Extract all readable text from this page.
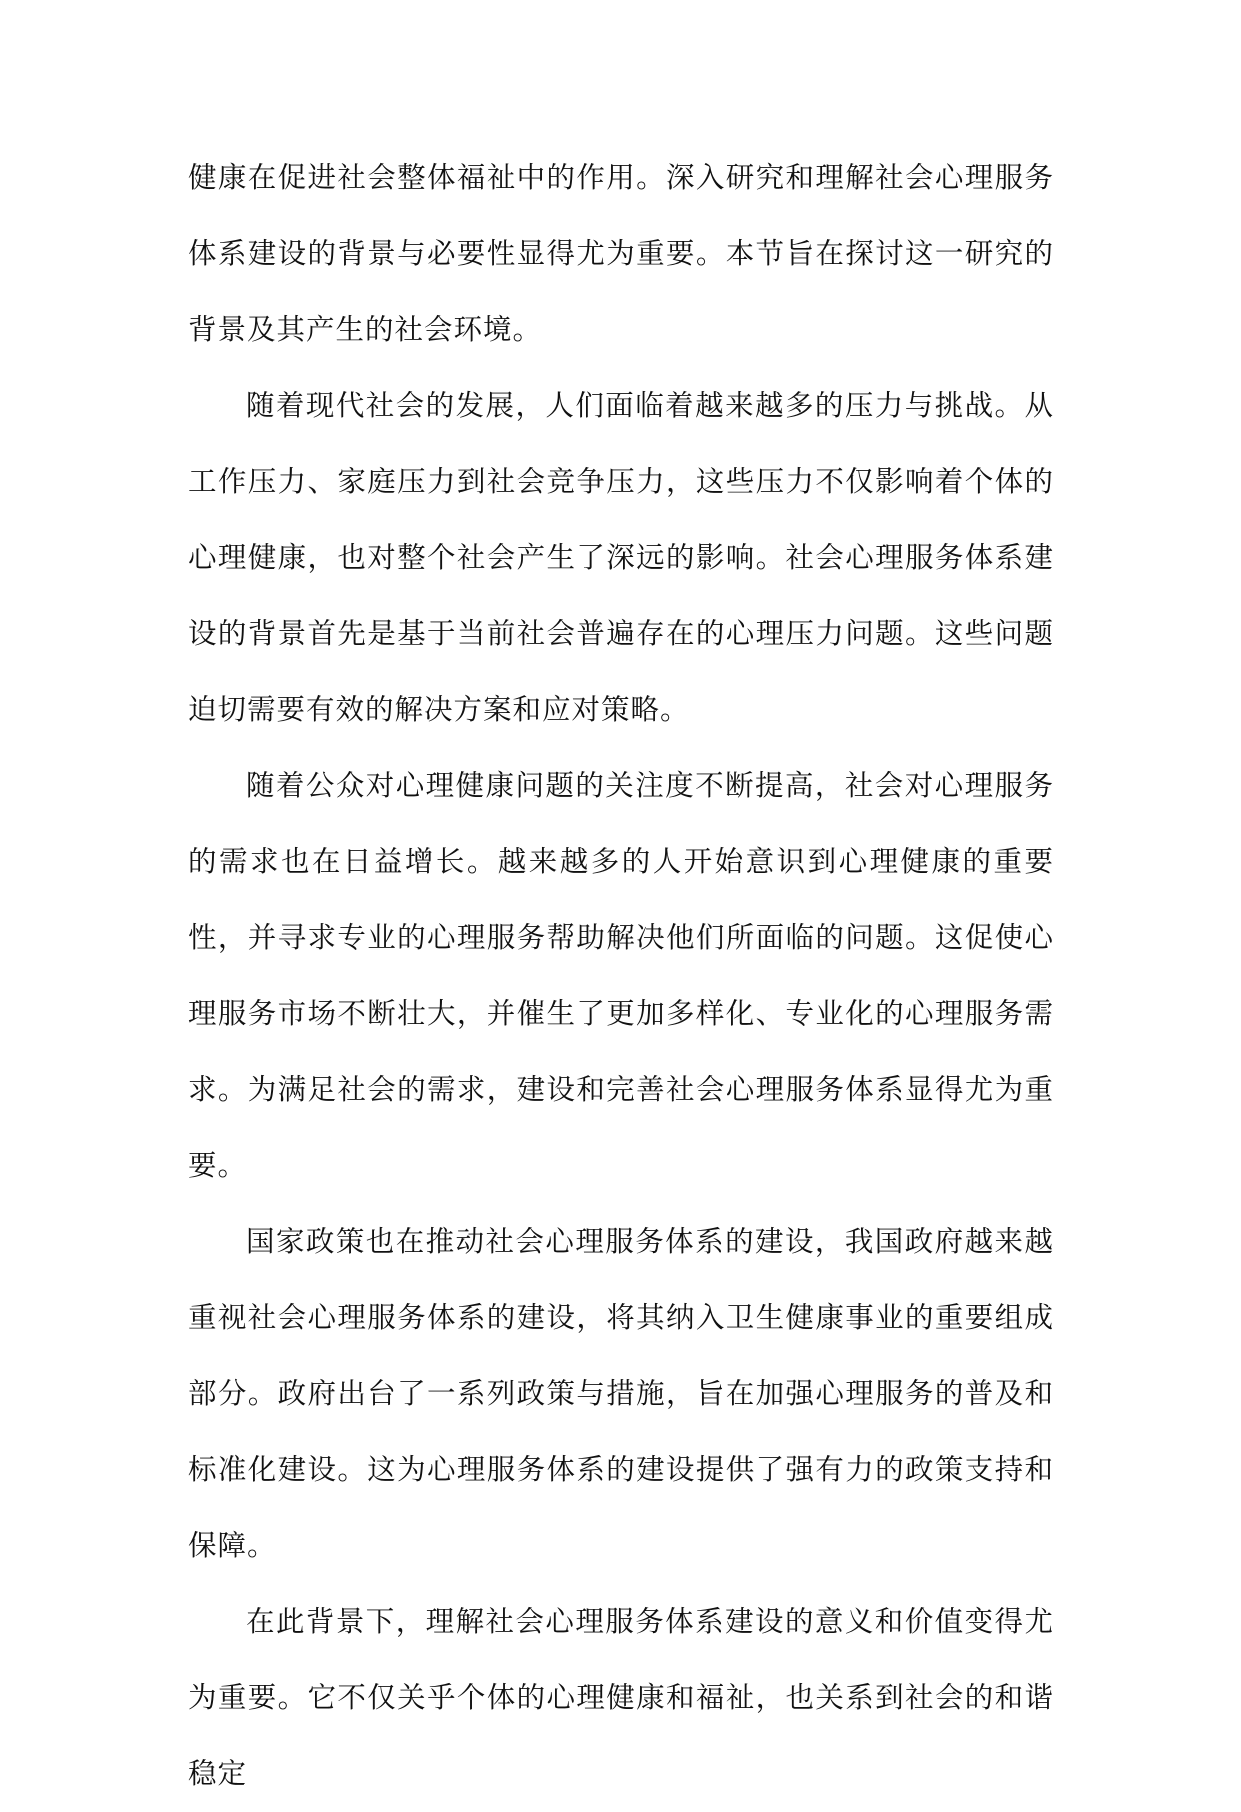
健康在促进社会整体福祉中的作用。深入研究和理解社会心理服务体系建设的背景与必要性显得尤为重要。本节旨在探讨这一研究的背景及其产生的社会环境。

随着现代社会的发展，人们面临着越来越多的压力与挑战。从工作压力、家庭压力到社会竞争压力，这些压力不仅影响着个体的心理健康，也对整个社会产生了深远的影响。社会心理服务体系建设的背景首先是基于当前社会普遍存在的心理压力问题。这些问题迫切需要有效的解决方案和应对策略。

随着公众对心理健康问题的关注度不断提高，社会对心理服务的需求也在日益增长。越来越多的人开始意识到心理健康的重要性，并寻求专业的心理服务帮助解决他们所面临的问题。这促使心理服务市场不断壮大，并催生了更加多样化、专业化的心理服务需求。为满足社会的需求，建设和完善社会心理服务体系显得尤为重要。

国家政策也在推动社会心理服务体系的建设，我国政府越来越重视社会心理服务体系的建设，将其纳入卫生健康事业的重要组成部分。政府出台了一系列政策与措施，旨在加强心理服务的普及和标准化建设。这为心理服务体系的建设提供了强有力的政策支持和保障。

在此背景下，理解社会心理服务体系建设的意义和价值变得尤为重要。它不仅关乎个体的心理健康和福祉，也关系到社会的和谐稳定
